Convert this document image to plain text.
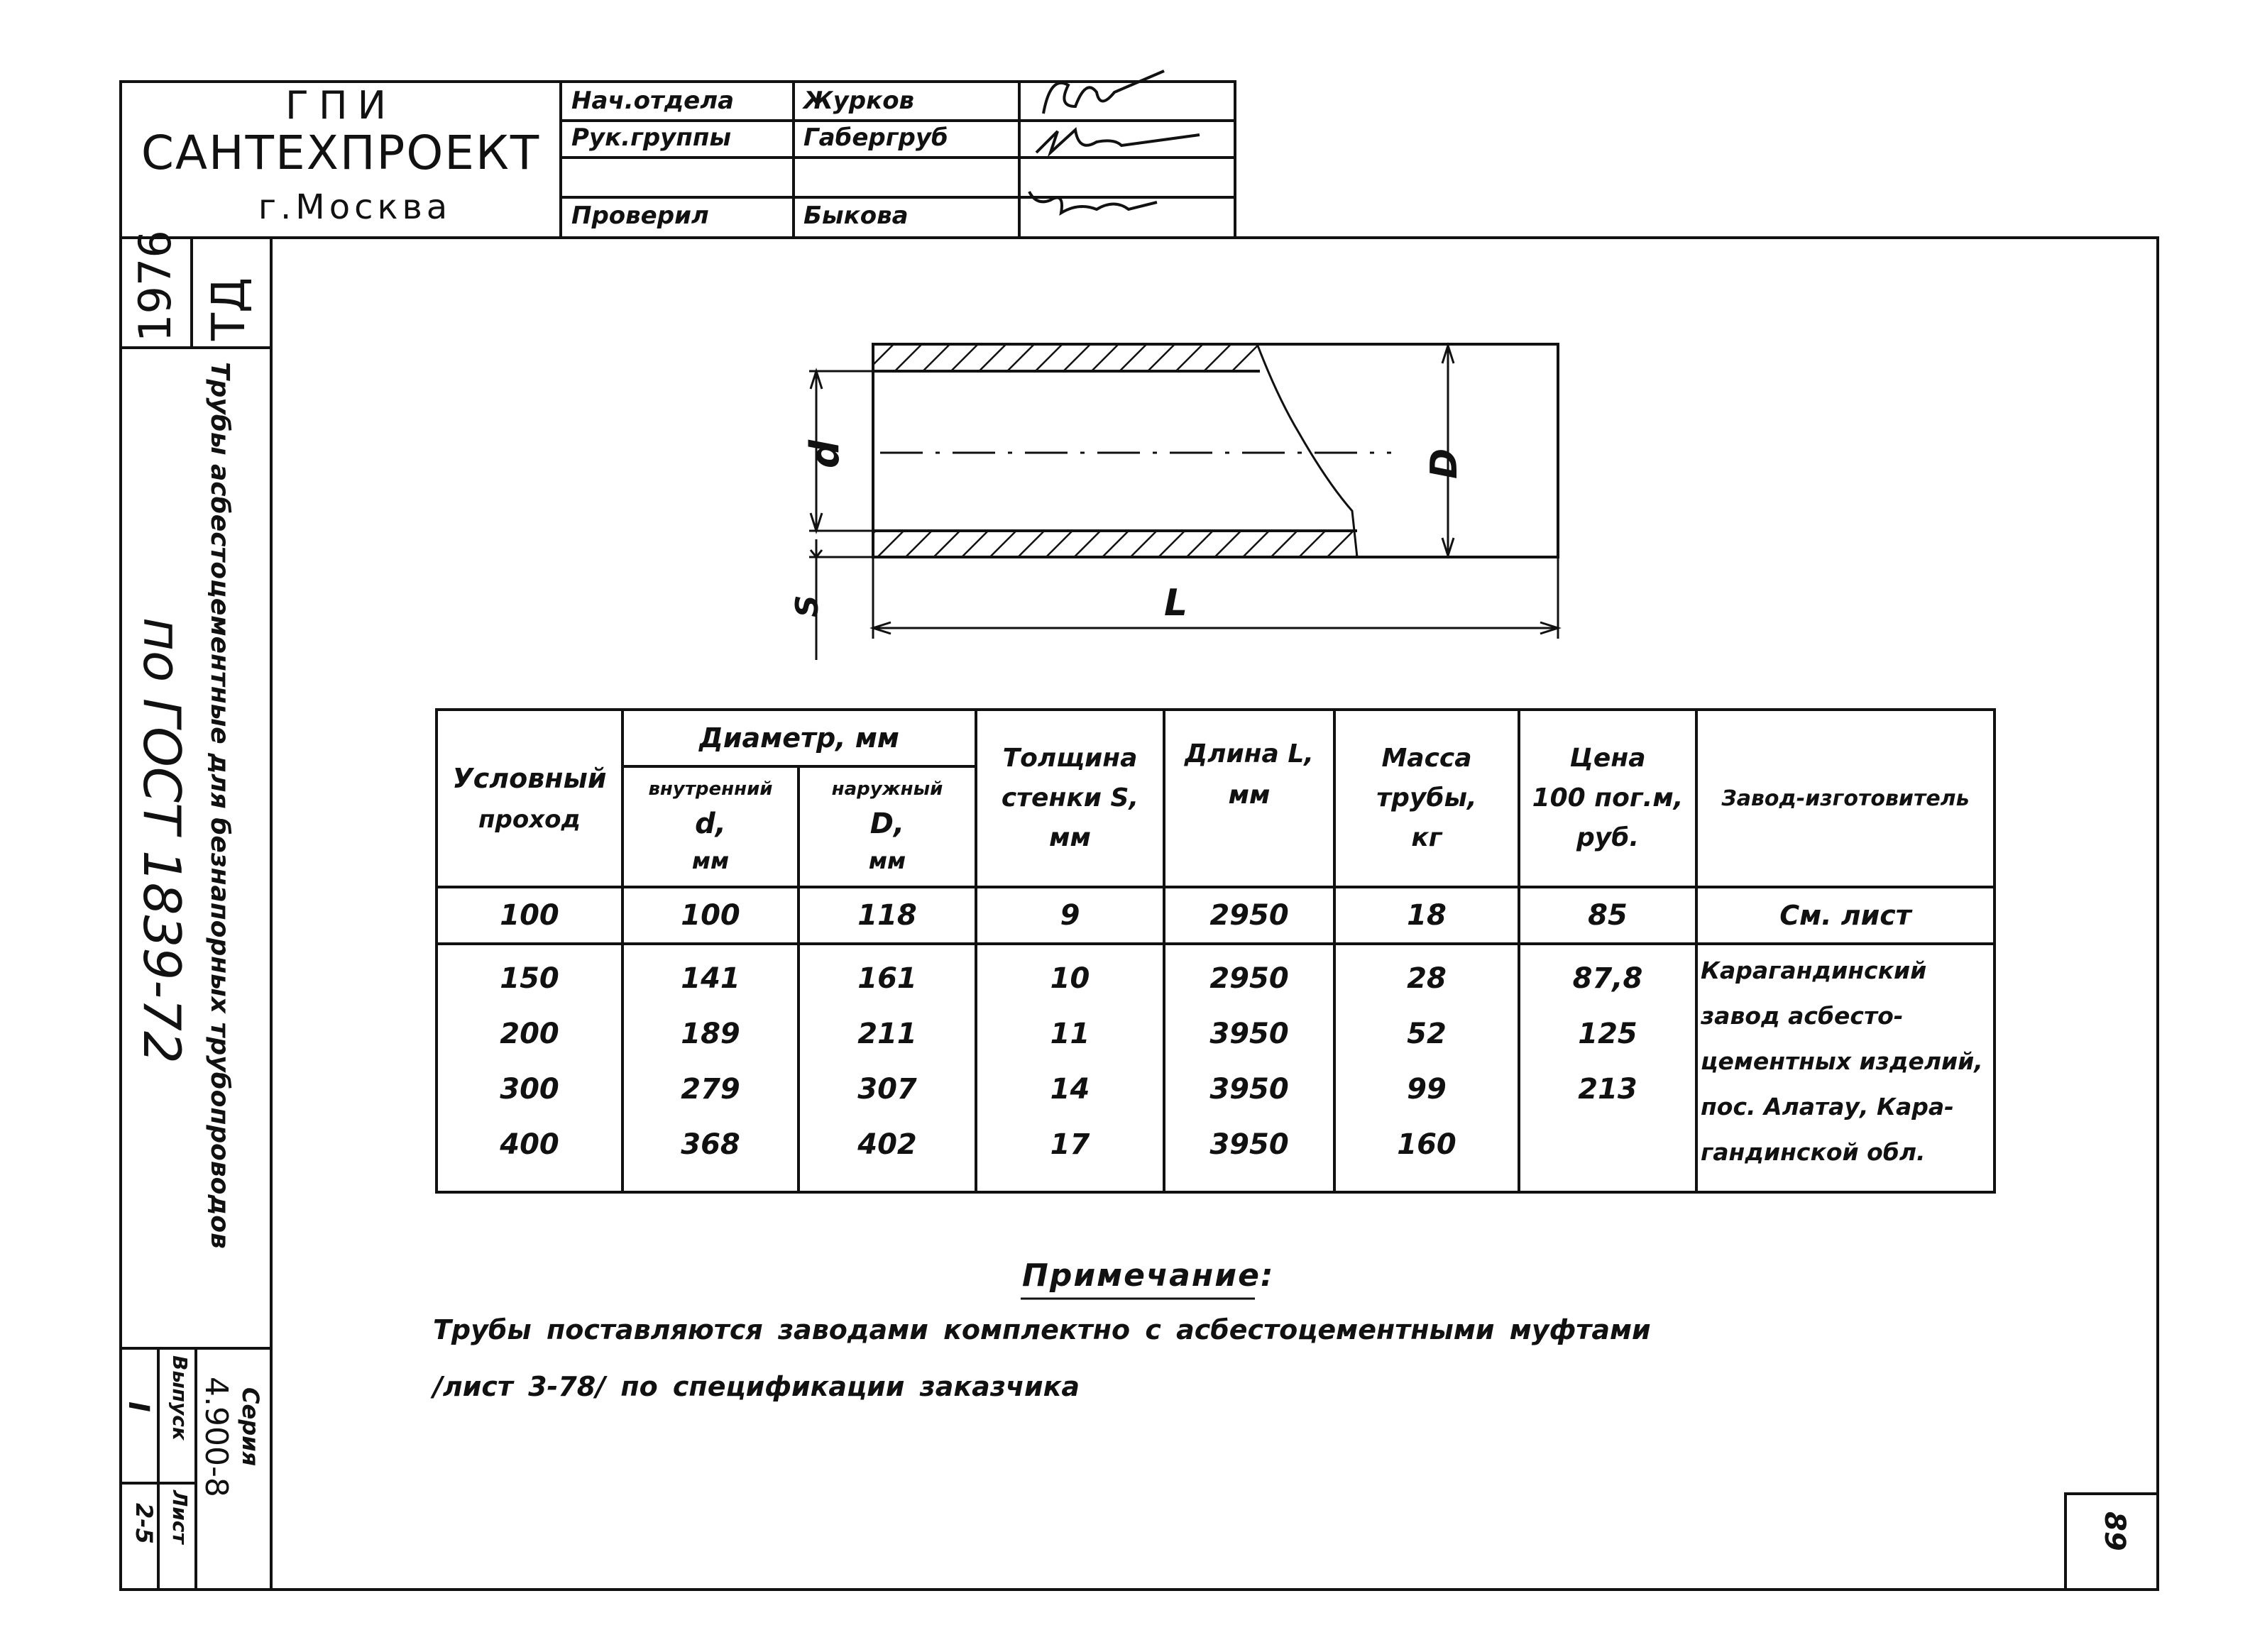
ГПИ
САНТЕХПРОЕКТ
г.Москва
Нач.отдела	Журков
Рук.группы	Габергруб
Проверил	Быкова
ТД
1976
Трубы асбестоцементные для безнапорных трубопроводов
по ГОСТ 1839-72
Серия
4.900-8
Выпуск
I
Лист
2-5	89
d	D
S	L
Условный
проход
Диаметр, мм
внутренний
d,
мм
наружный
D,
мм
Толщина
стенки S,
мм
Длина L,
мм
Масса
трубы,
кг
Цена
100 пог.м,
руб.
Завод-изготовитель
100	100	118	9	2950	18	85	См. лист
150	141	161	10	2950	28	87,8
200	189	211	11	3950	52	125
300	279	307	14	3950	99	213
400	368	402	17	3950	160
Карагандинский
завод асбесто-
цементных изделий,
пос. Алатау, Кара-
гандинской обл.
Примечание:
Трубы поставляются заводами комплектно с асбестоцементными муфтами
/лист 3-78/ по спецификации заказчика
